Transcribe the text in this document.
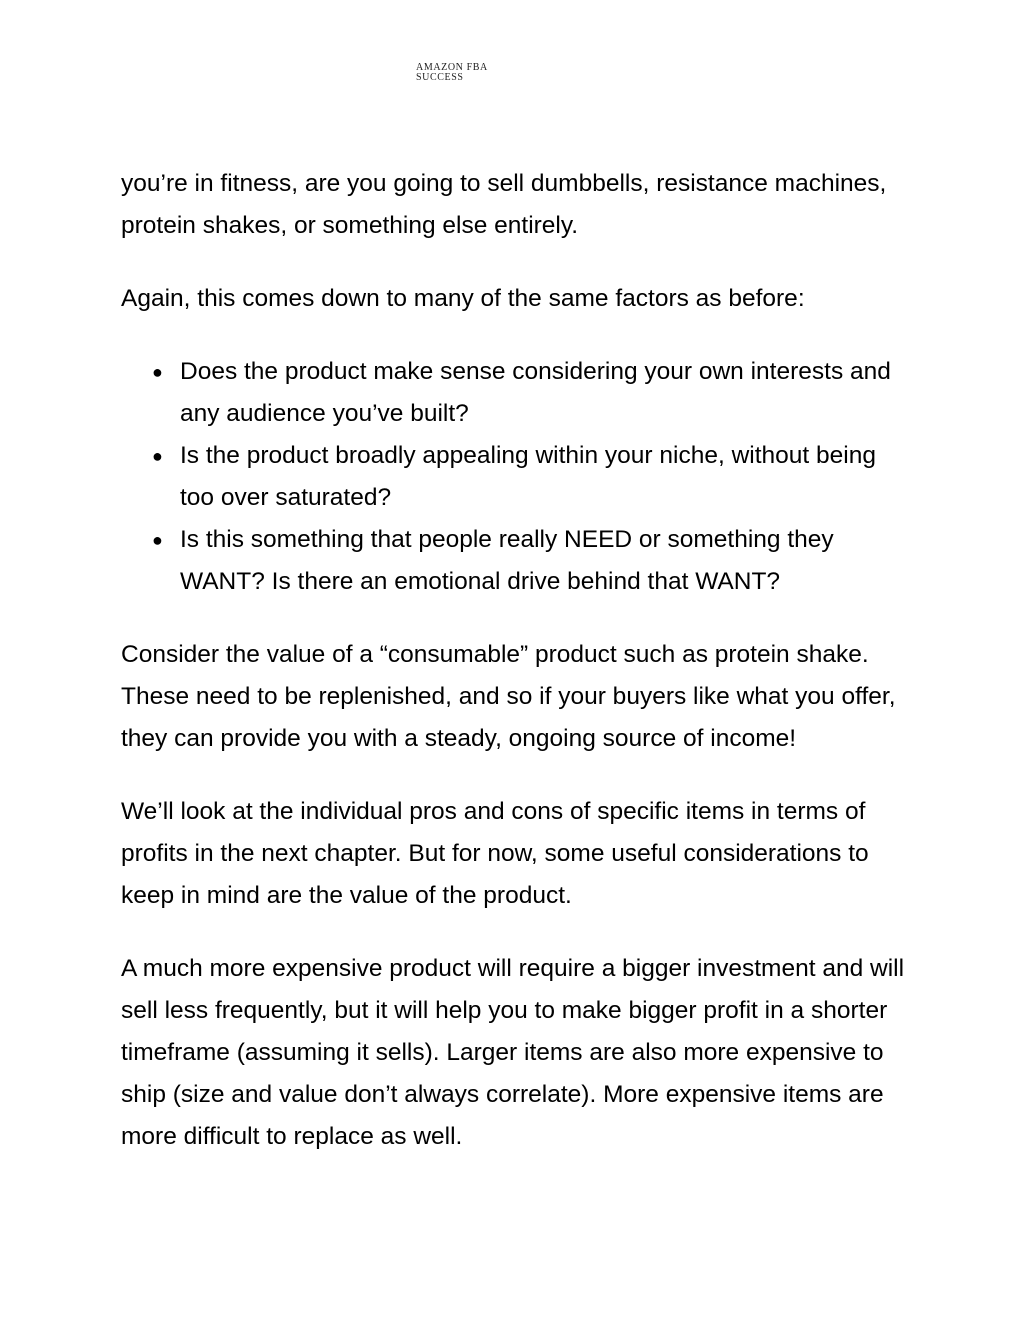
AMAZON FBA
SUCCESS

you’re in fitness, are you going to sell dumbbells, resistance machines, protein shakes, or something else entirely.

Again, this comes down to many of the same factors as before:

● Does the product make sense considering your own interests and any audience you’ve built?
● Is the product broadly appealing within your niche, without being too over saturated?
● Is this something that people really NEED or something they WANT? Is there an emotional drive behind that WANT?

Consider the value of a “consumable” product such as protein shake. These need to be replenished, and so if your buyers like what you offer, they can provide you with a steady, ongoing source of income!

We’ll look at the individual pros and cons of specific items in terms of profits in the next chapter. But for now, some useful considerations to keep in mind are the value of the product.

A much more expensive product will require a bigger investment and will sell less frequently, but it will help you to make bigger profit in a shorter timeframe (assuming it sells). Larger items are also more expensive to ship (size and value don’t always correlate). More expensive items are more difficult to replace as well.
